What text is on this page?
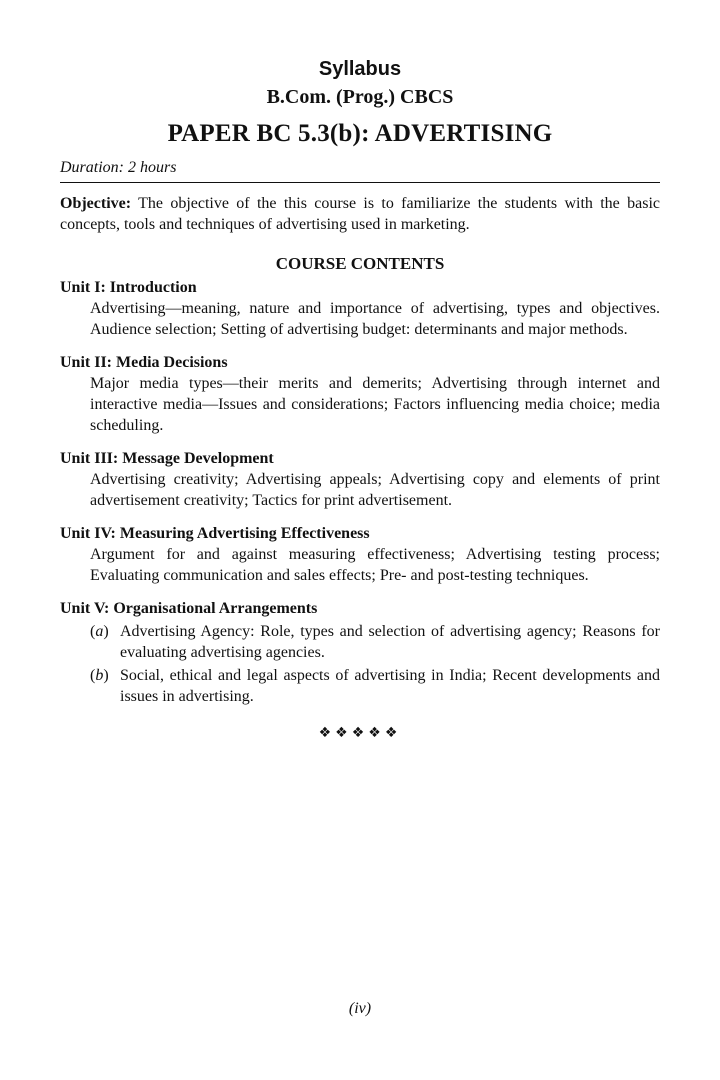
Syllabus

B.Com. (Prog.) CBCS

PAPER BC 5.3(b): ADVERTISING

Duration: 2 hours

Objective: The objective of the this course is to familiarize the students with the basic concepts, tools and techniques of advertising used in marketing.

COURSE CONTENTS

Unit I: Introduction

Advertising—meaning, nature and importance of advertising, types and objectives. Audience selection; Setting of advertising budget: determinants and major methods.

Unit II: Media Decisions

Major media types—their merits and demerits; Advertising through internet and interactive media—Issues and considerations; Factors influencing media choice; media scheduling.

Unit III: Message Development

Advertising creativity; Advertising appeals; Advertising copy and elements of print advertisement creativity; Tactics for print advertisement.

Unit IV: Measuring Advertising Effectiveness

Argument for and against measuring effectiveness; Advertising testing process; Evaluating communication and sales effects; Pre- and post-testing techniques.

Unit V: Organisational Arrangements

(a) Advertising Agency: Role, types and selection of advertising agency; Reasons for evaluating advertising agencies.
(b) Social, ethical and legal aspects of advertising in India; Recent developments and issues in advertising.

❖❖❖❖❖

(iv)
